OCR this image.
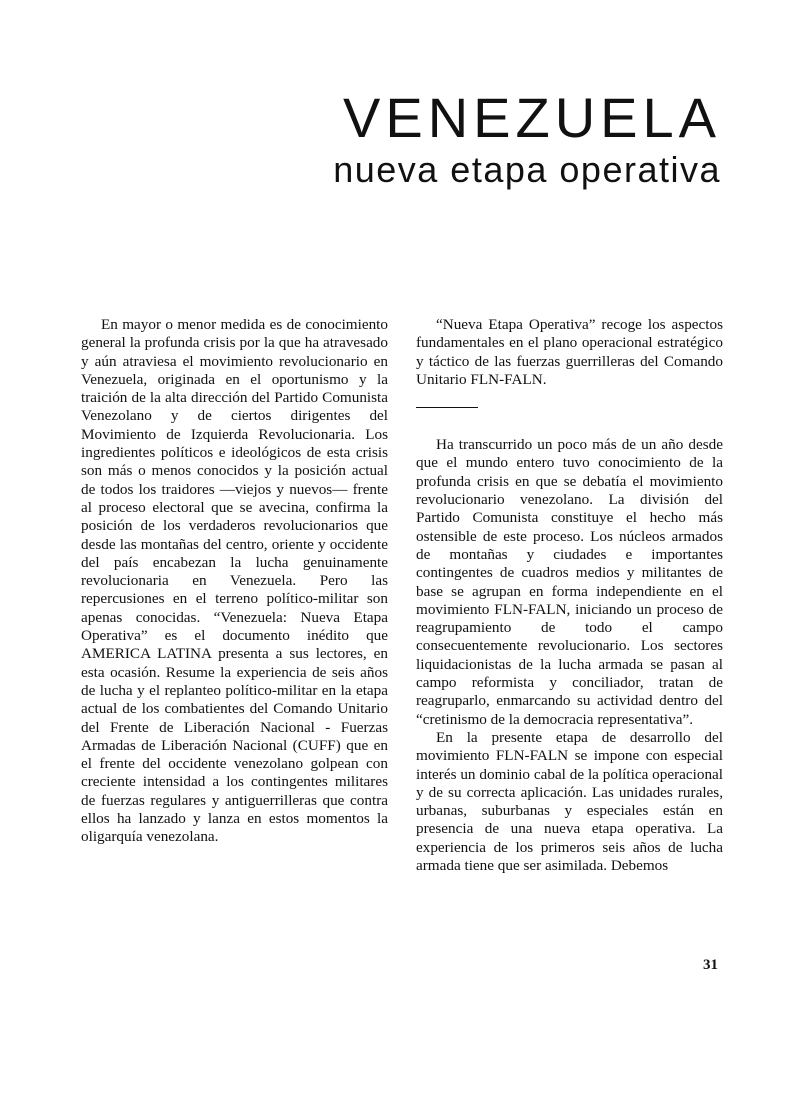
VENEZUELA
nueva etapa operativa

En mayor o menor medida es de conocimiento general la profunda crisis por la que ha atravesado y aún atraviesa el movimiento revolucionario en Venezuela, originada en el oportunismo y la traición de la alta dirección del Partido Comunista Venezolano y de ciertos dirigentes del Movimiento de Izquierda Revolucionaria. Los ingredientes políticos e ideológicos de esta crisis son más o menos conocidos y la posición actual de todos los traidores —viejos y nuevos— frente al proceso electoral que se avecina, confirma la posición de los verdaderos revolucionarios que desde las montañas del centro, oriente y occidente del país encabezan la lucha genuinamente revolucionaria en Venezuela. Pero las repercusiones en el terreno político-militar son apenas conocidas. “Venezuela: Nueva Etapa Operativa” es el documento inédito que AMERICA LATINA presenta a sus lectores, en esta ocasión. Resume la experiencia de seis años de lucha y el replanteo político-militar en la etapa actual de los combatientes del Comando Unitario del Frente de Liberación Nacional - Fuerzas Armadas de Liberación Nacional (CUFF) que en el frente del occidente venezolano golpean con creciente intensidad a los contingentes militares de fuerzas regulares y antiguerrilleras que contra ellos ha lanzado y lanza en estos momentos la oligarquía venezolana.

“Nueva Etapa Operativa” recoge los aspectos fundamentales en el plano operacional estratégico y táctico de las fuerzas guerrilleras del Comando Unitario FLN-FALN.

Ha transcurrido un poco más de un año desde que el mundo entero tuvo conocimiento de la profunda crisis en que se debatía el movimiento revolucionario venezolano. La división del Partido Comunista constituye el hecho más ostensible de este proceso. Los núcleos armados de montañas y ciudades e importantes contingentes de cuadros medios y militantes de base se agrupan en forma independiente en el movimiento FLN-FALN, iniciando un proceso de reagrupamiento de todo el campo consecuentemente revolucionario. Los sectores liquidacionistas de la lucha armada se pasan al campo reformista y conciliador, tratan de reagruparlo, enmarcando su actividad dentro del “cretinismo de la democracia representativa”.

En la presente etapa de desarrollo del movimiento FLN-FALN se impone con especial interés un dominio cabal de la política operacional y de su correcta aplicación. Las unidades rurales, urbanas, suburbanas y especiales están en presencia de una nueva etapa operativa. La experiencia de los primeros seis años de lucha armada tiene que ser asimilada. Debemos

31
